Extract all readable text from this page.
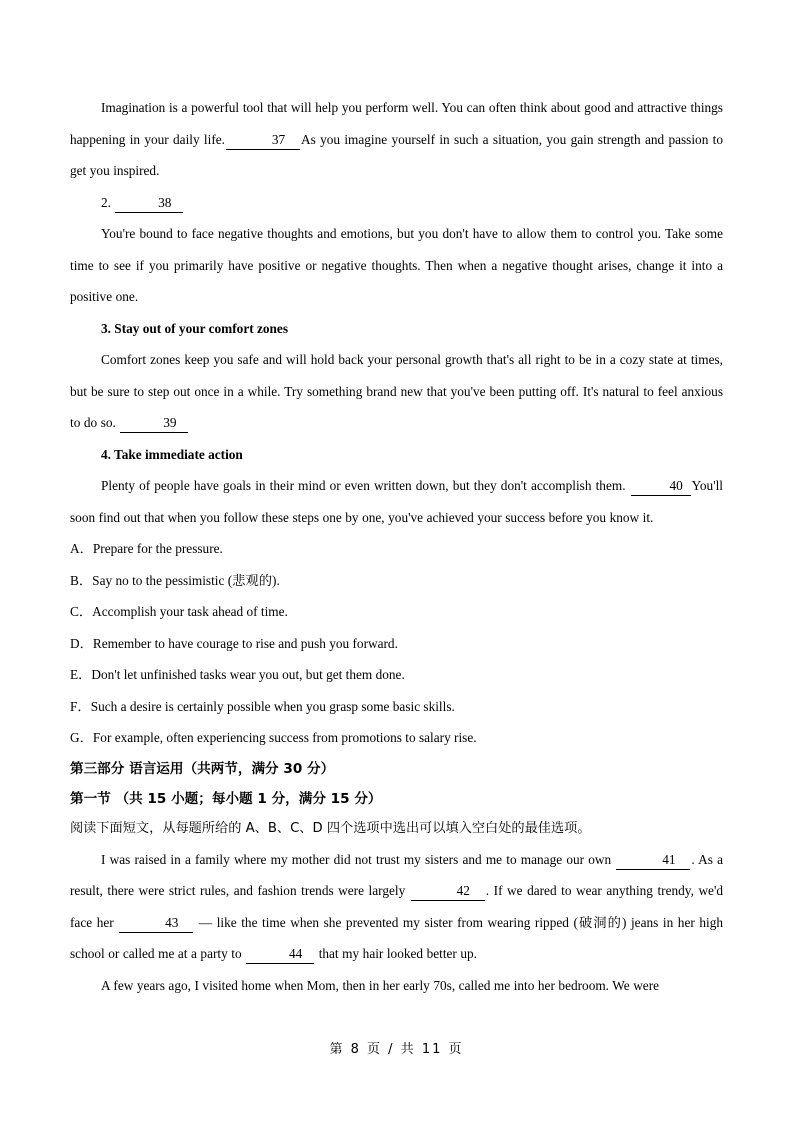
Imagination is a powerful tool that will help you perform well. You can often think about good and attractive things happening in your daily life.	37 As you imagine yourself in such a situation, you gain strength and passion to get you inspired.

2.	38

You're bound to face negative thoughts and emotions, but you don't have to allow them to control you. Take some time to see if you primarily have positive or negative thoughts. Then when a negative thought arises, change it into a positive one.

3. Stay out of your comfort zones

Comfort zones keep you safe and will hold back your personal growth that's all right to be in a cozy state at times, but be sure to step out once in a while. Try something brand new that you've been putting off. It's natural to feel anxious to do so.	39

4. Take immediate action

Plenty of people have goals in their mind or even written down, but they don't accomplish them.	40 You'll soon find out that when you follow these steps one by one, you've achieved your success before you know it.

A．Prepare for the pressure.

B．Say no to the pessimistic (悲观的).

C．Accomplish your task ahead of time.

D．Remember to have courage to rise and push you forward.

E．Don't let unfinished tasks wear you out, but get them done.

F．Such a desire is certainly possible when you grasp some basic skills.

G．For example, often experiencing success from promotions to salary rise.

第三部分 语言运用（共两节，满分 30 分）

第一节 （共 15 小题；每小题 1 分，满分 15 分）

阅读下面短文，从每题所给的 A、B、C、D 四个选项中选出可以填入空白处的最佳选项。

I was raised in a family where my mother did not trust my sisters and me to manage our own	41 . As a result, there were strict rules, and fashion trends were largely	42 . If we dared to wear anything trendy, we'd face her	43 — like the time when she prevented my sister from wearing ripped (破洞的) jeans in her high school or called me at a party to	44 that my hair looked better up.

A few years ago, I visited home when Mom, then in her early 70s, called me into her bedroom. We were

第 8 页 / 共 11 页
